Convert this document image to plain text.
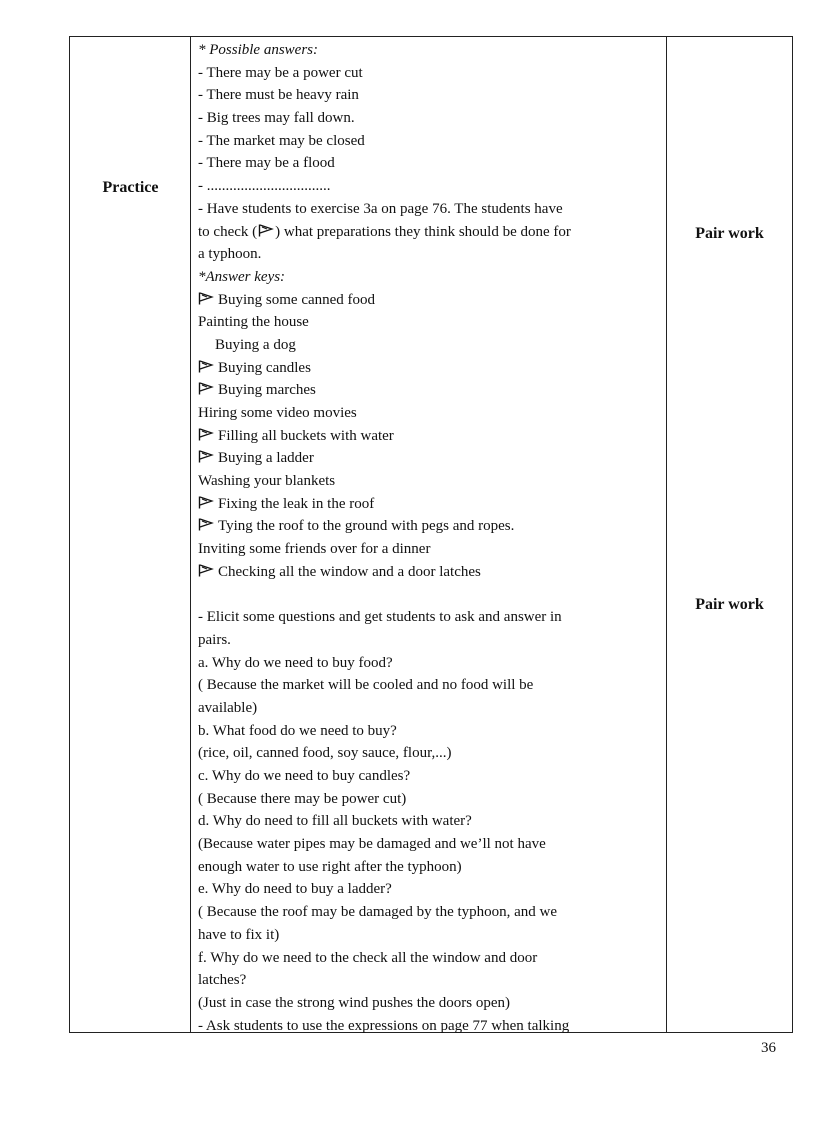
Practice
* Possible answers:
- There may be a power cut
- There must be heavy rain
- Big trees may fall down.
- The market may be closed
- There may be a flood
- .................................
- Have students to exercise 3a on page 76. The students have
to check ( ) what preparations they think should be done for
a typhoon.
*Answer keys:
Buying some canned food
Painting the house
Buying a dog
Buying candles
Buying marches
Hiring some video movies
Filling all buckets with water
Buying a ladder
Washing your blankets
Fixing the leak in the roof
Tying the roof to the ground with pegs and ropes.
Inviting some friends over for a dinner
Checking all the window and a door latches
- Elicit some questions and get students to ask and answer in
pairs.
a. Why do we need to buy food?
( Because the market will be cooled and no food will be
available)
b. What food do we need to buy?
(rice, oil, canned food, soy sauce, flour,...)
c. Why do we need to buy candles?
( Because there may be power cut)
d. Why do need to fill all buckets with water?
(Because water pipes may be damaged and we’ll not have
enough water to use right after the typhoon)
e. Why do need to buy a ladder?
( Because the roof may be damaged by the typhoon, and we
have to fix it)
f. Why do we need to the check all the window and door
latches?
(Just in case the strong wind pushes the doors open)
- Ask students to use the expressions on page 77 when talking
Pair work
Pair work
36
